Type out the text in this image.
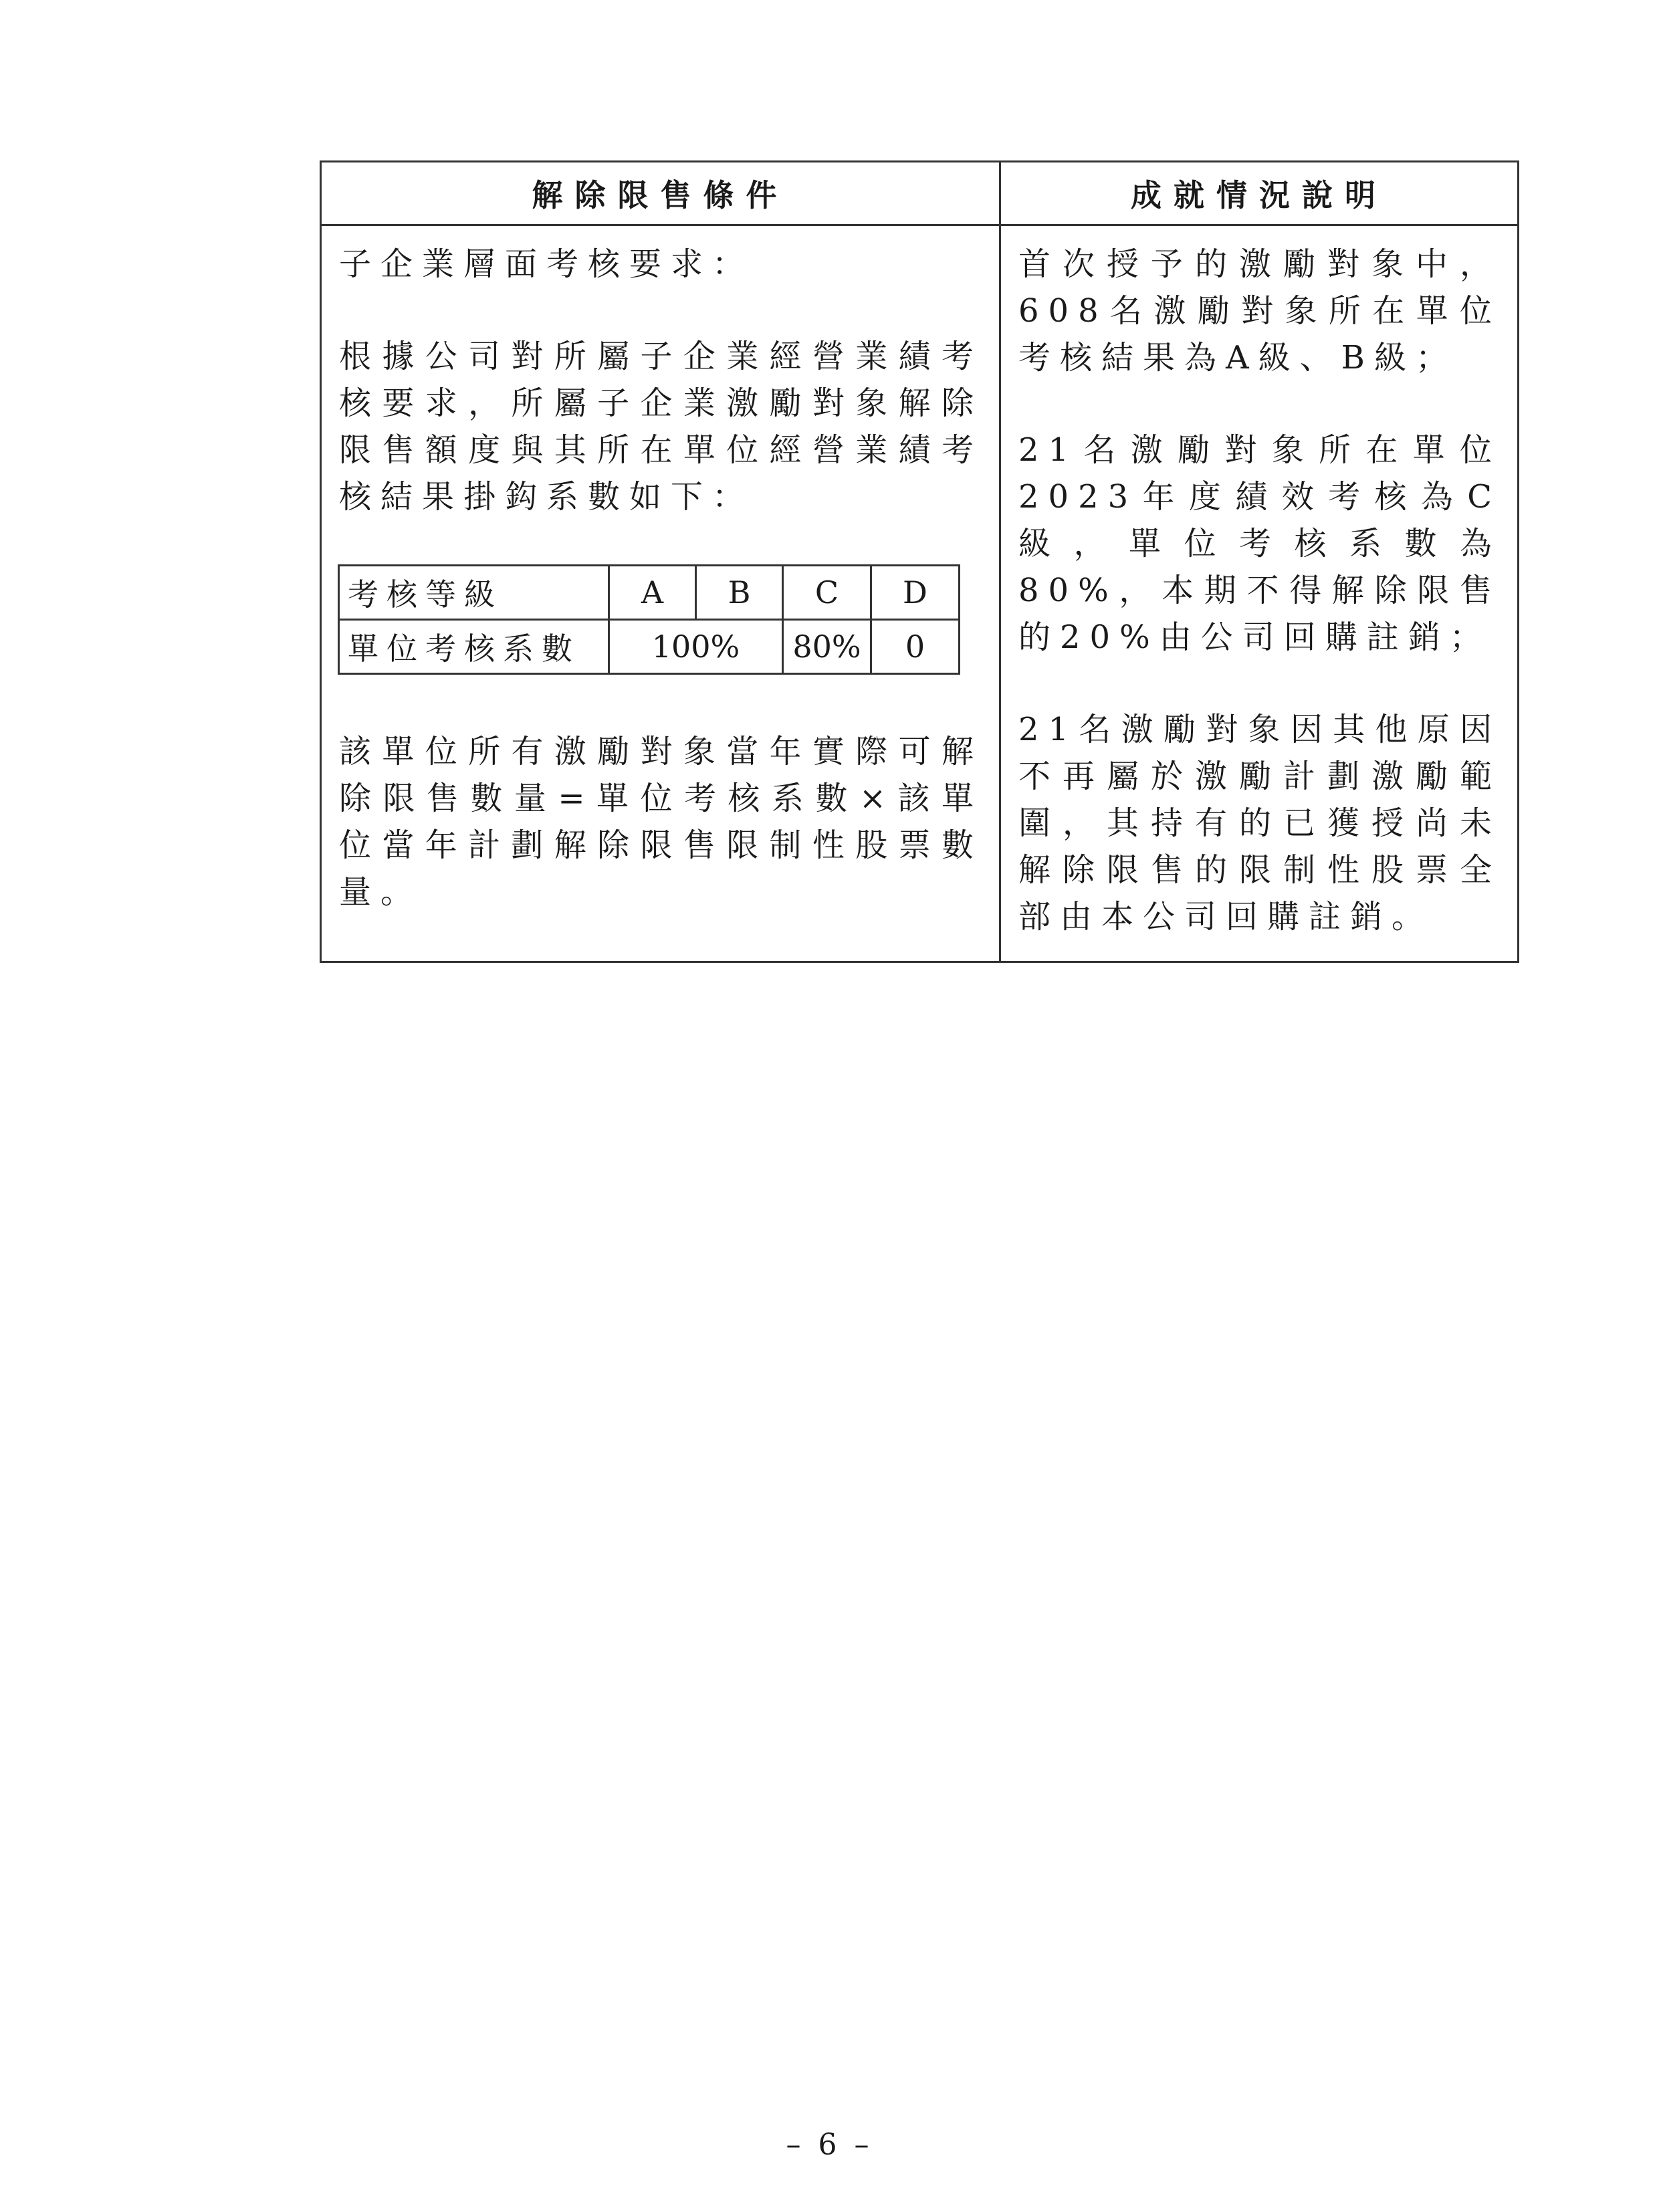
解除限售條件	成就情況說明

子企業層面考核要求：

根據公司對所屬子企業經營業績考核要求，所屬子企業激勵對象解除限售額度與其所在單位經營業績考核結果掛鈎系數如下：

考核等級	A	B	C	D
單位考核系數	100%	80%	0

該單位所有激勵對象當年實際可解除限售數量=單位考核系數×該單位當年計劃解除限售限制性股票數量。

首次授予的激勵對象中，608名激勵對象所在單位考核結果為A級、B級；

21名激勵對象所在單位2023年度績效考核為C級，單位考核系數為80%，本期不得解除限售的20%由公司回購註銷；

21名激勵對象因其他原因不再屬於激勵計劃激勵範圍，其持有的已獲授尚未解除限售的限制性股票全部由本公司回購註銷。

– 6 –
